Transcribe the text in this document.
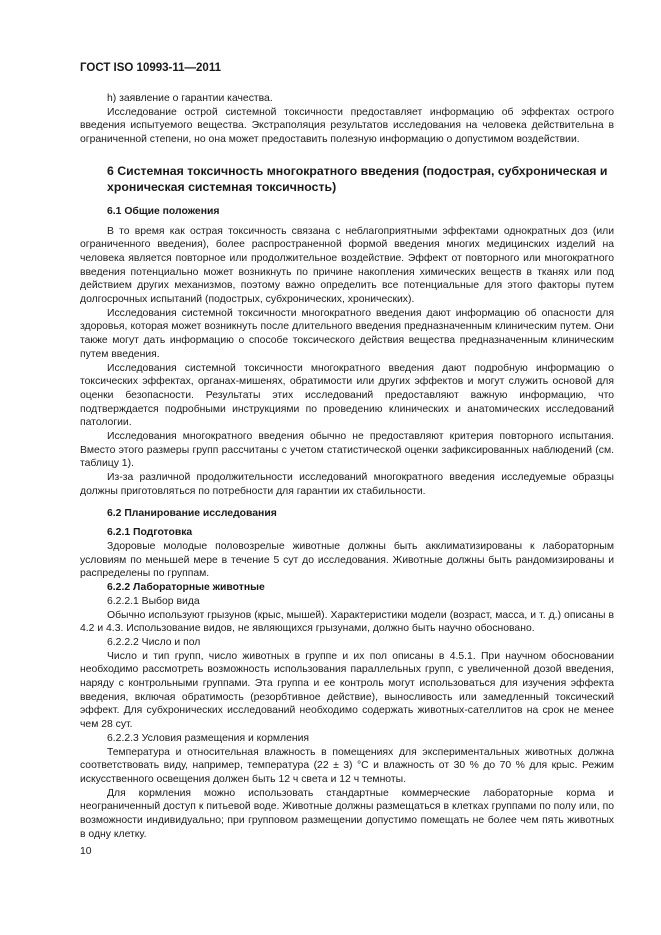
ГОСТ ISO 10993-11—2011

h) заявление о гарантии качества.

Исследование острой системной токсичности предоставляет информацию об эффектах острого введения испытуемого вещества. Экстраполяция результатов исследования на человека действительна в ограниченной степени, но она может предоставить полезную информацию о допустимом воздействии.

6 Системная токсичность многократного введения (подострая, субхроническая и хроническая системная токсичность)
6.1 Общие положения

В то время как острая токсичность связана с неблагоприятными эффектами однократных доз (или ограниченного введения), более распространенной формой введения многих медицинских изделий на человека является повторное или продолжительное воздействие. Эффект от повторного или многократного введения потенциально может возникнуть по причине накопления химических веществ в тканях или под действием других механизмов, поэтому важно определить все потенциальные для этого факторы путем долгосрочных испытаний (подострых, субхронических, хронических).

Исследования системной токсичности многократного введения дают информацию об опасности для здоровья, которая может возникнуть после длительного введения предназначенным клиническим путем. Они также могут дать информацию о способе токсического действия вещества предназначенным клиническим путем введения.

Исследования системной токсичности многократного введения дают подробную информацию о токсических эффектах, органах-мишенях, обратимости или других эффектов и могут служить основой для оценки безопасности. Результаты этих исследований предоставляют важную информацию, что подтверждается подробными инструкциями по проведению клинических и анатомических исследований патологии.

Исследования многократного введения обычно не предоставляют критерия повторного испытания. Вместо этого размеры групп рассчитаны с учетом статистической оценки зафиксированных наблюдений (см. таблицу 1).

Из-за различной продолжительности исследований многократного введения исследуемые образцы должны приготовляться по потребности для гарантии их стабильности.

6.2 Планирование исследования
6.2.1 Подготовка

Здоровые молодые половозрелые животные должны быть акклиматизированы к лабораторным условиям по меньшей мере в течение 5 сут до исследования. Животные должны быть рандомизированы и распределены по группам.

6.2.2 Лабораторные животные
6.2.2.1 Выбор вида

Обычно используют грызунов (крыс, мышей). Характеристики модели (возраст, масса, и т. д.) описаны в 4.2 и 4.3. Использование видов, не являющихся грызунами, должно быть научно обосновано.

6.2.2.2 Число и пол

Число и тип групп, число животных в группе и их пол описаны в 4.5.1. При научном обосновании необходимо рассмотреть возможность использования параллельных групп, с увеличенной дозой введения, наряду с контрольными группами. Эта группа и ее контроль могут использоваться для изучения эффекта введения, включая обратимость (резорбтивное действие), выносливость или замедленный токсический эффект. Для субхронических исследований необходимо содержать животных-сателлитов на срок не менее чем 28 сут.

6.2.2.3 Условия размещения и кормления

Температура и относительная влажность в помещениях для экспериментальных животных должна соответствовать виду, например, температура (22 ± 3) °С и влажность от 30 % до 70 % для крыс. Режим искусственного освещения должен быть 12 ч света и 12 ч темноты.

Для кормления можно использовать стандартные коммерческие лабораторные корма и неограниченный доступ к питьевой воде. Животные должны размещаться в клетках группами по полу или, по возможности индивидуально; при групповом размещении допустимо помещать не более чем пять животных в одну клетку.

10
